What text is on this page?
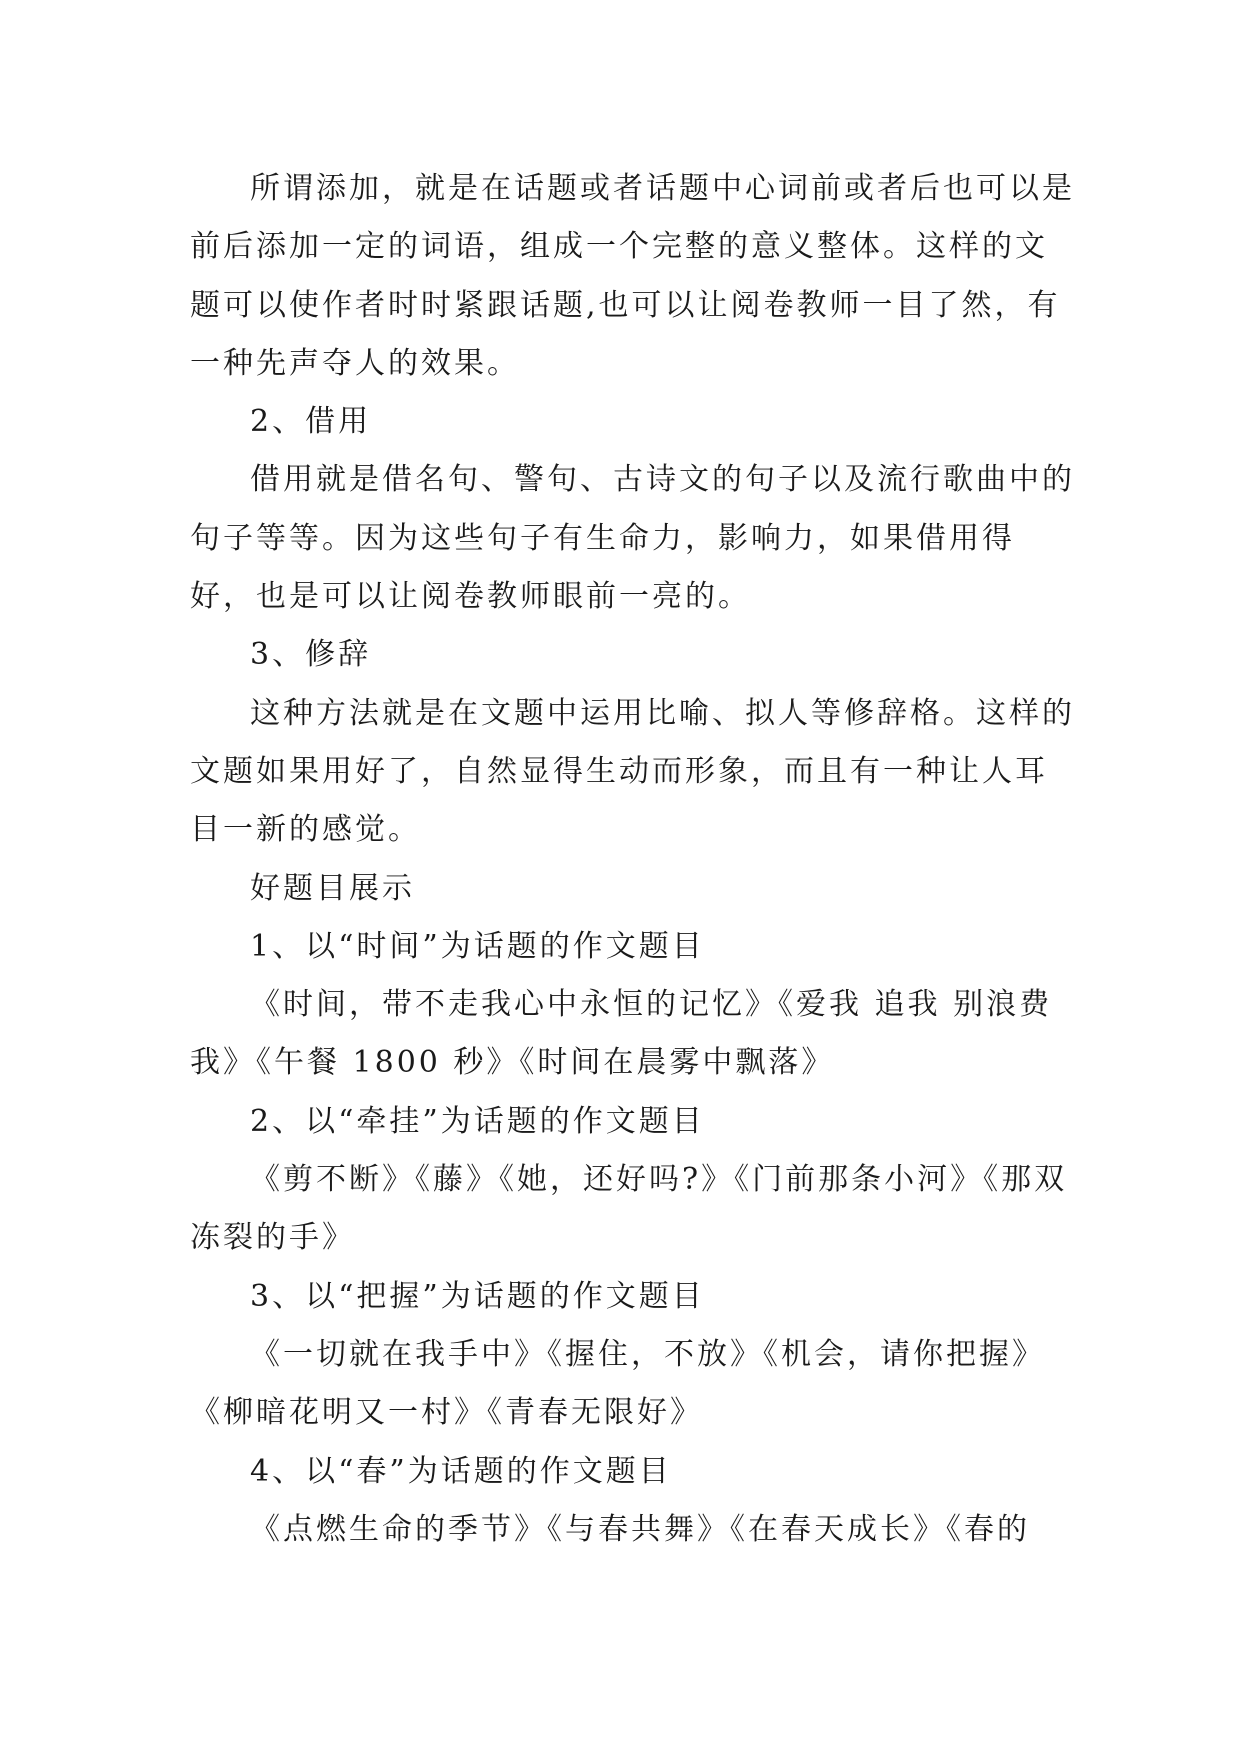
所谓添加，就是在话题或者话题中心词前或者后也可以是前后添加一定的词语，组成一个完整的意义整体。这样的文题可以使作者时时紧跟话题,也可以让阅卷教师一目了然，有一种先声夺人的效果。

2、借用

借用就是借名句、警句、古诗文的句子以及流行歌曲中的句子等等。因为这些句子有生命力，影响力，如果借用得好，也是可以让阅卷教师眼前一亮的。

3、修辞

这种方法就是在文题中运用比喻、拟人等修辞格。这样的文题如果用好了，自然显得生动而形象，而且有一种让人耳目一新的感觉。

好题目展示

1、以“时间”为话题的作文题目

《时间，带不走我心中永恒的记忆》《爱我 追我 别浪费我》《午餐 1800 秒》《时间在晨雾中飘落》

2、以“牵挂”为话题的作文题目

《剪不断》《藤》《她，还好吗?》《门前那条小河》《那双冻裂的手》

3、以“把握”为话题的作文题目

《一切就在我手中》《握住，不放》《机会，请你把握》《柳暗花明又一村》《青春无限好》

4、以“春”为话题的作文题目

《点燃生命的季节》《与春共舞》《在春天成长》《春的
